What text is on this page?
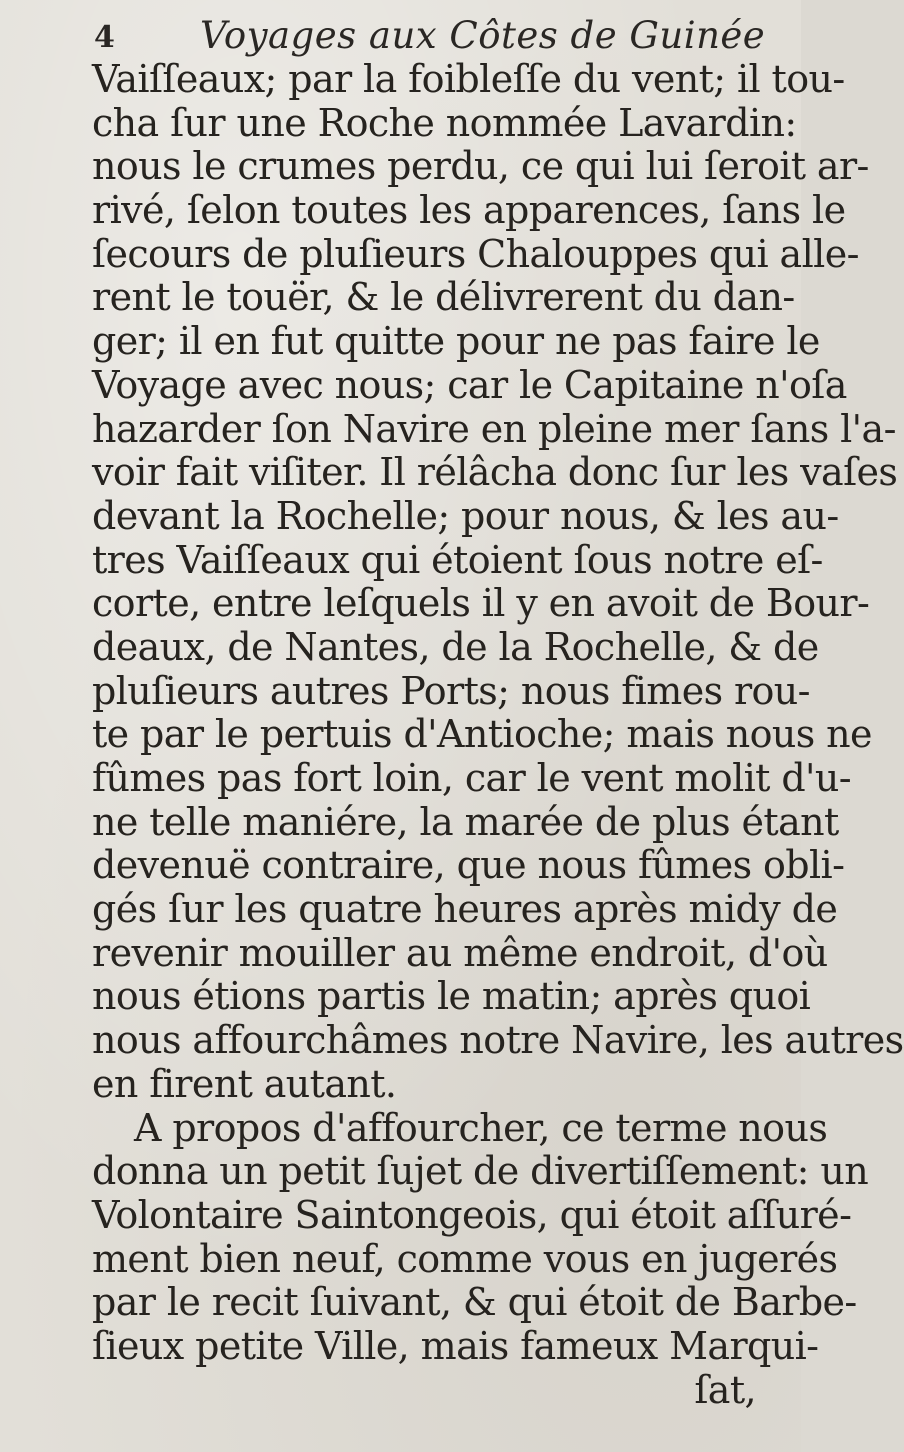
4 Voyages aux Côtes de Guinée
Vaiſſeaux; par la foibleſſe du vent; il tou-
cha ſur une Roche nommée Lavardin:
nous le crumes perdu, ce qui lui ſeroit ar-
rivé, ſelon toutes les apparences, ſans le
ſecours de pluſieurs Chalouppes qui alle-
rent le touër, & le délivrerent du dan-
ger; il en fut quitte pour ne pas faire le
Voyage avec nous; car le Capitaine n'oſa
hazarder ſon Navire en pleine mer ſans l'a-
voir fait viſiter. Il rélâcha donc ſur les vaſes
devant la Rochelle; pour nous, & les au-
tres Vaiſſeaux qui étoient ſous notre eſ-
corte, entre leſquels il y en avoit de Bour-
deaux, de Nantes, de la Rochelle, & de
pluſieurs autres Ports; nous fimes rou-
te par le pertuis d'Antioche; mais nous ne
fûmes pas fort loin, car le vent molit d'u-
ne telle maniére, la marée de plus étant
devenuë contraire, que nous fûmes obli-
gés ſur les quatre heures après midy de
revenir mouiller au même endroit, d'où
nous étions partis le matin; après quoi
nous affourchâmes notre Navire, les autres
en firent autant.
A propos d'affourcher, ce terme nous
donna un petit ſujet de divertiſſement: un
Volontaire Saintongeois, qui étoit aſſuré-
ment bien neuf, comme vous en jugerés
par le recit ſuivant, & qui étoit de Barbe-
ſieux petite Ville, mais fameux Marqui-
ſat,
